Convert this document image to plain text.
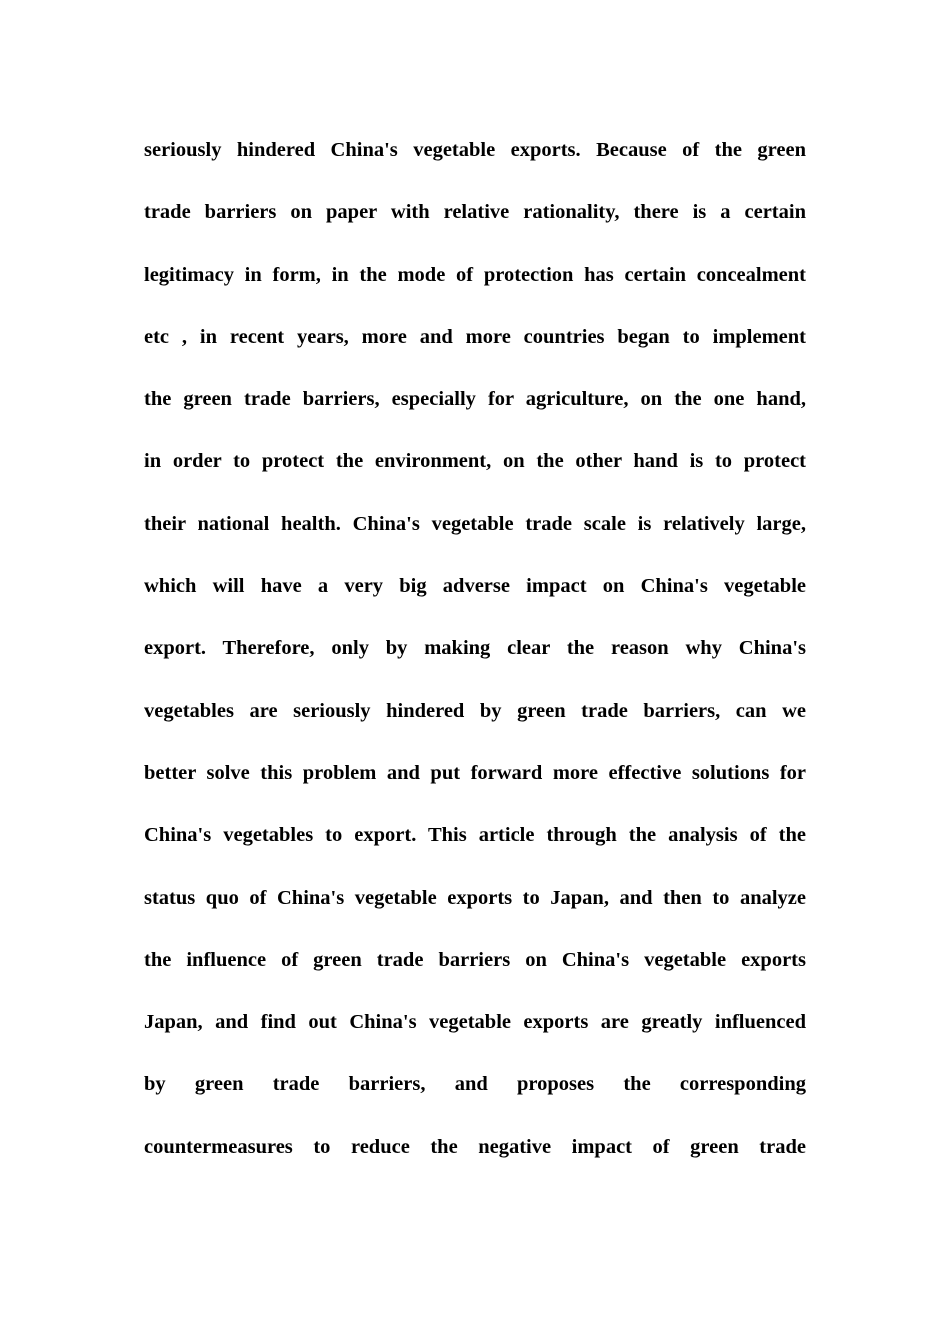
seriously hindered China's vegetable exports. Because of the green
trade barriers on paper with relative rationality, there is a certain
legitimacy in form, in the mode of protection has certain concealment
etc , in recent years, more and more countries began to implement
the green trade barriers, especially for agriculture, on the one hand,
in order to protect the environment, on the other hand is to protect
their national health. China's vegetable trade scale is relatively large,
which will have a very big adverse impact on China's vegetable
export. Therefore, only by making clear the reason why China's
vegetables are seriously hindered by green trade barriers, can we
better solve this problem and put forward more effective solutions for
China's vegetables to export. This article through the analysis of the
status quo of China's vegetable exports to Japan, and then to analyze
the influence of green trade barriers on China's vegetable exports
Japan, and find out China's vegetable exports are greatly influenced
by green trade barriers, and proposes the corresponding
countermeasures to reduce the negative impact of green trade
